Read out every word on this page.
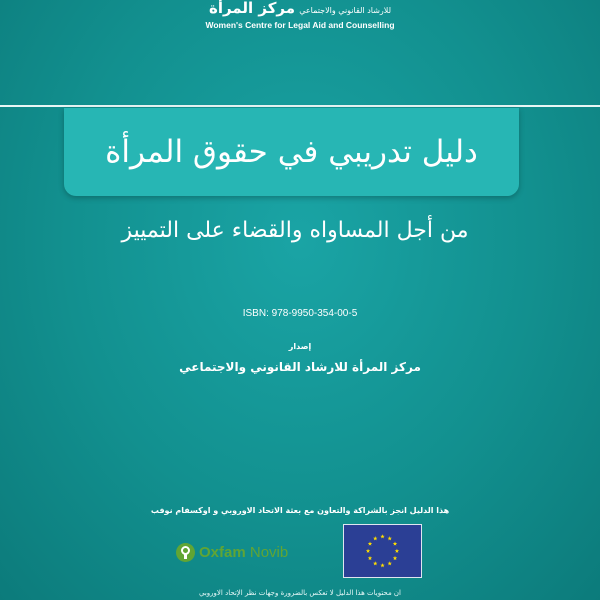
للارشاد القانوني والاجتماعي مركز المرأة
Women's Centre for Legal Aid and Counselling
دليل تدريبي في حقوق المرأة
من أجل المساواه والقضاء على التمييز
ISBN: 978-9950-354-00-5
إصدار
مركز المرأة للارشاد القانوني والاجتماعي
هذا الدليل انجز بالشراكة والتعاون مع بعثة الاتحاد الاوروبي و اوكسفام نوفب
Oxfam Novib
ان محتويات هذا الدليل لا تعكس بالضرورة وجهات نظر الإتحاد الاوروبي
